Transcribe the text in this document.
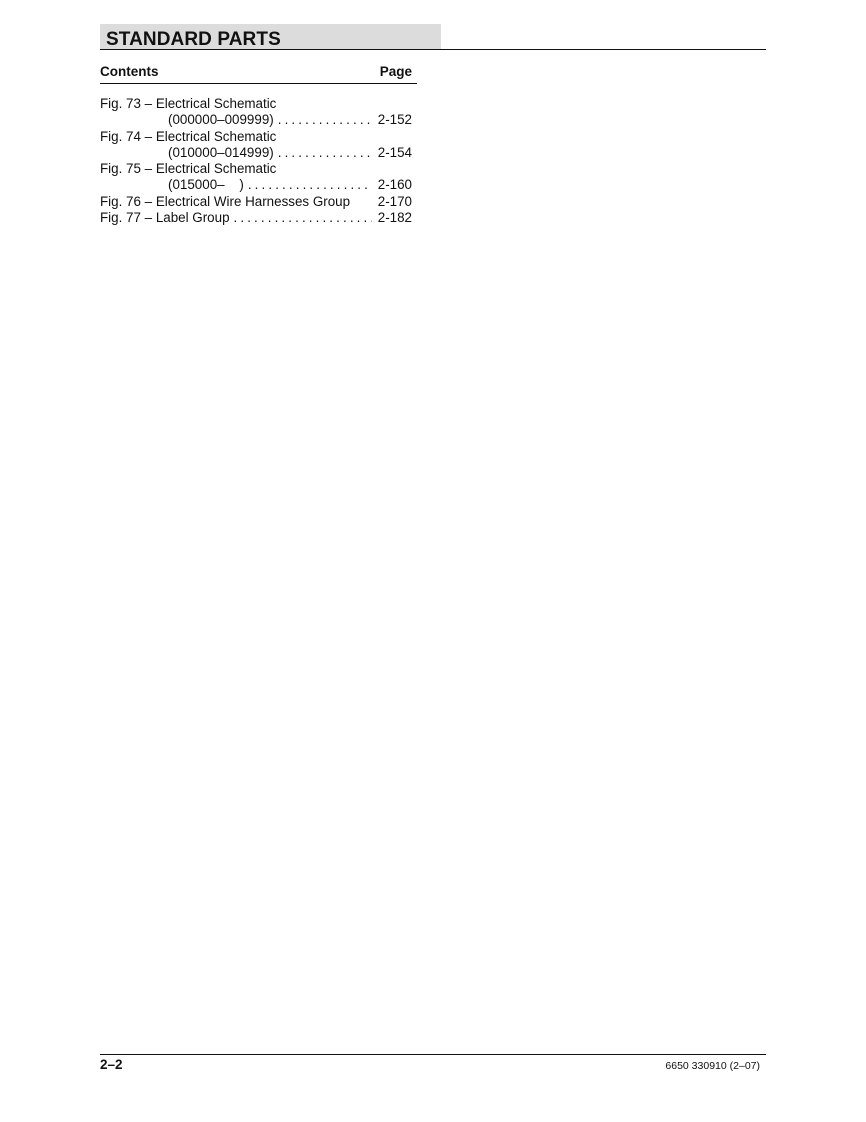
STANDARD PARTS
Contents	Page
Fig. 73 – Electrical Schematic
(000000–009999) . . .	2-152
Fig. 74 – Electrical Schematic
(010000–014999) . . .	2-154
Fig. 75 – Electrical Schematic
(015000– ) . . .	2-160
Fig. 76 – Electrical Wire Harnesses Group 2-170
Fig. 77 – Label Group . . .	2-182
2–2	6650 330910 (2–07)
